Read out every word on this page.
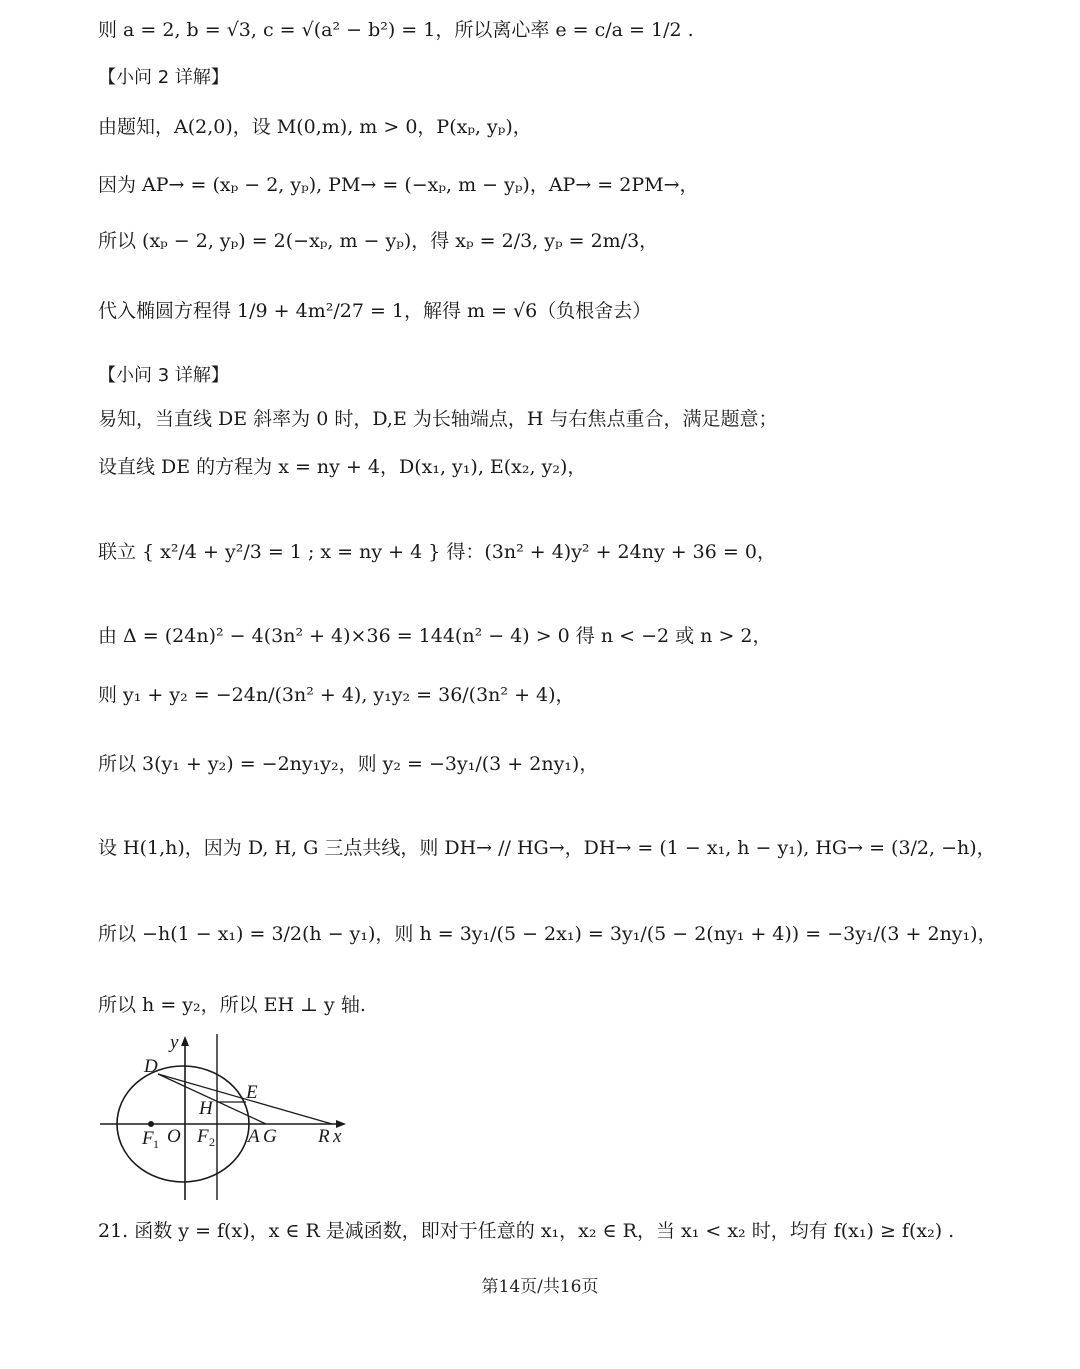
则 a = 2, b = √3, c = √(a² − b²) = 1，所以离心率 e = c/a = 1/2 .
【小问 2 详解】
由题知，A(2,0)，设 M(0,m), m > 0，P(xₚ, yₚ)，
因为 AP→ = (xₚ − 2, yₚ), PM→ = (−xₚ, m − yₚ)，AP→ = 2PM→，
所以 (xₚ − 2, yₚ) = 2(−xₚ, m − yₚ)，得 xₚ = 2/3, yₚ = 2m/3，
代入椭圆方程得 1/9 + 4m²/27 = 1，解得 m = √6（负根舍去）
【小问 3 详解】
易知，当直线 DE 斜率为 0 时，D,E 为长轴端点，H 与右焦点重合，满足题意；
设直线 DE 的方程为 x = ny + 4，D(x₁, y₁), E(x₂, y₂)，
联立 { x²/4 + y²/3 = 1 ; x = ny + 4 } 得：(3n² + 4)y² + 24ny + 36 = 0，
由 Δ = (24n)² − 4(3n² + 4)×36 = 144(n² − 4) > 0 得 n < −2 或 n > 2，
则 y₁ + y₂ = −24n/(3n² + 4), y₁y₂ = 36/(3n² + 4)，
所以 3(y₁ + y₂) = −2ny₁y₂，则 y₂ = −3y₁/(3 + 2ny₁)，
设 H(1,h)，因为 D, H, G 三点共线，则 DH→ // HG→，DH→ = (1 − x₁, h − y₁), HG→ = (3/2, −h)，
所以 −h(1 − x₁) = 3/2(h − y₁)，则 h = 3y₁/(5 − 2x₁) = 3y₁/(5 − 2(ny₁ + 4)) = −3y₁/(3 + 2ny₁)，
所以 h = y₂，所以 EH ⊥ y 轴.
D
E
H
F 1 O F 2 A G R x
y
21. 函数 y = f(x)，x ∈ R 是减函数，即对于任意的 x₁，x₂ ∈ R，当 x₁ < x₂ 时，均有 f(x₁) ≥ f(x₂) .
第14页/共16页
